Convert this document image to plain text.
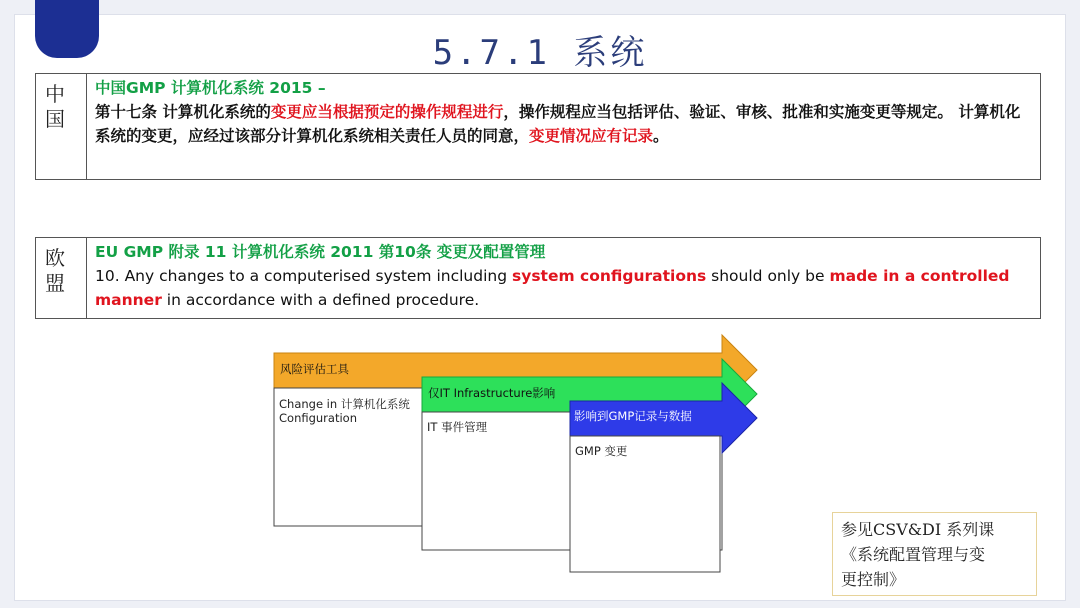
5.7.1 系统
中
国
中国GMP 计算机化系统 2015 –
第十七条 计算机化系统的变更应当根据预定的操作规程进行，操作规程应当包括评估、验证、审核、批准和实施变更等规定。 计算机化系统的变更，应经过该部分计算机化系统相关责任人员的同意，变更情况应有记录。
欧
盟
EU GMP 附录 11 计算机化系统 2011 第10条 变更及配置管理
10. Any changes to a computerised system including system configurations should only be made in a controlled manner in accordance with a defined procedure.
参见CSV&DI 系列课
《系统配置管理与变
更控制》
风险评估工具
仅IT Infrastructure影响
影响到GMP记录与数据
Change in 计算机化系统
Configuration
IT 事件管理
GMP 变更
